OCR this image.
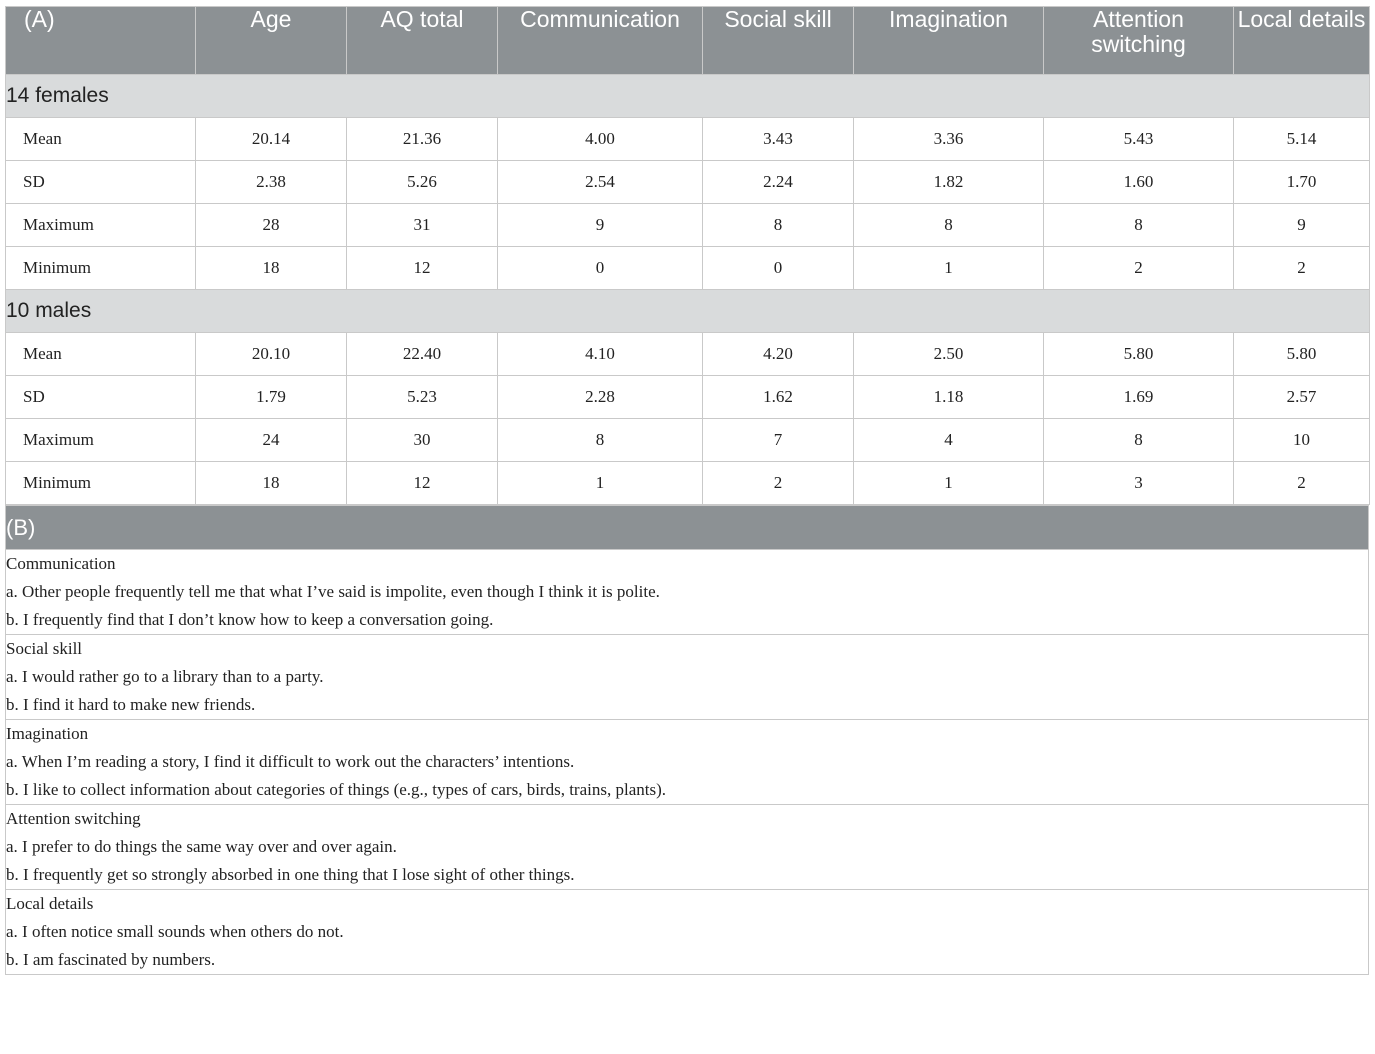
(A)	Age	AQ total	Communication	Social skill	Imagination	Attention switching	Local details
14 females							
Mean	20.14	21.36	4.00	3.43	3.36	5.43	5.14
SD	2.38	5.26	2.54	2.24	1.82	1.60	1.70
Maximum	28	31	9	8	8	8	9
Minimum	18	12	0	0	1	2	2
10 males							
Mean	20.10	22.40	4.10	4.20	2.50	5.80	5.80
SD	1.79	5.23	2.28	1.62	1.18	1.69	2.57
Maximum	24	30	8	7	4	8	10
Minimum	18	12	1	2	1	3	2
(B)

Communication
a. Other people frequently tell me that what I’ve said is impolite, even though I think it is polite.
b. I frequently find that I don’t know how to keep a conversation going.

Social skill
a. I would rather go to a library than to a party.
b. I find it hard to make new friends.

Imagination
a. When I’m reading a story, I find it difficult to work out the characters’ intentions.
b. I like to collect information about categories of things (e.g., types of cars, birds, trains, plants).

Attention switching
a. I prefer to do things the same way over and over again.
b. I frequently get so strongly absorbed in one thing that I lose sight of other things.

Local details
a. I often notice small sounds when others do not.
b. I am fascinated by numbers.
